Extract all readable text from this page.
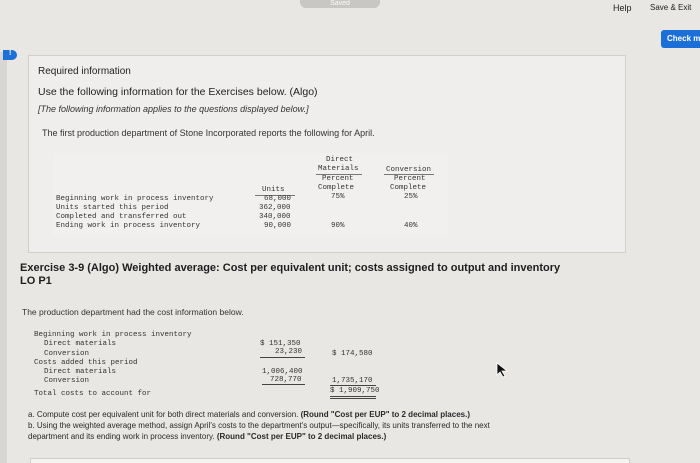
Saved	Help Save & Exit
Check m
!
Required information
Use the following information for the Exercises below. (Algo)
[The following information applies to the questions displayed below.]
The first production department of Stone Incorporated reports the following for April.
Units
Direct
Materials
Percent
Complete
Conversion
Percent
Complete
Beginning work in process inventory	68,000	75%	25%
Units started this period	362,000
Completed and transferred out	340,000
Ending work in process inventory	90,000	90%	40%
Exercise 3-9 (Algo) Weighted average: Cost per equivalent unit; costs assigned to output and inventory
LO P1
The production department had the cost information below.
Beginning work in process inventory
Direct materials	$ 151,350
Conversion	23,230	$ 174,580
Costs added this period
Direct materials	1,006,400
Conversion	728,770	1,735,170
Total costs to account for	$ 1,909,750
a. Compute cost per equivalent unit for both direct materials and conversion. (Round "Cost per EUP" to 2 decimal places.)
b. Using the weighted average method, assign April's costs to the department's output—specifically, its units transferred to the next
department and its ending work in process inventory. (Round "Cost per EUP" to 2 decimal places.)
